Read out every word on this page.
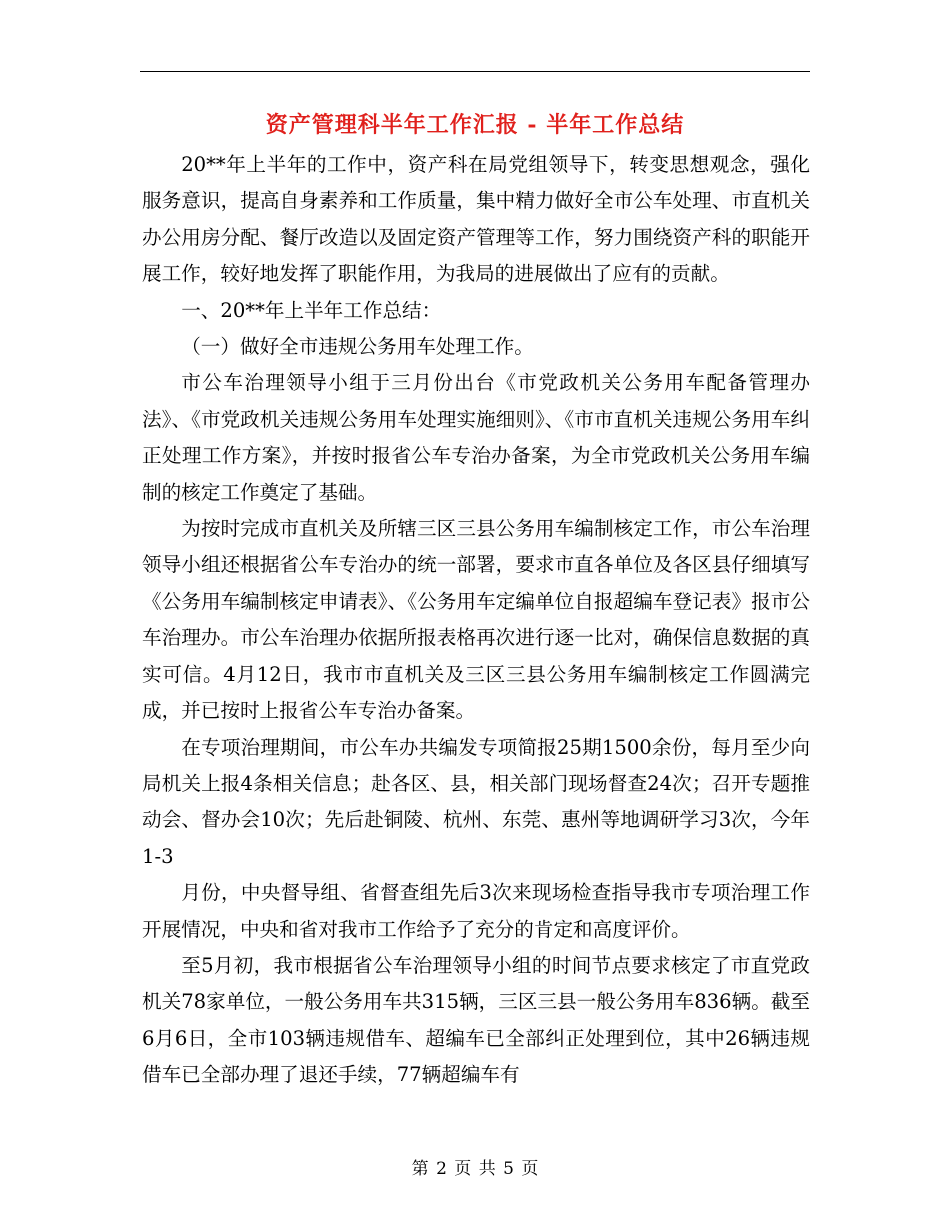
资产管理科半年工作汇报 - 半年工作总结

20**年上半年的工作中，资产科在局党组领导下，转变思想观念，强化服务意识，提高自身素养和工作质量，集中精力做好全市公车处理、市直机关办公用房分配、餐厅改造以及固定资产管理等工作，努力围绕资产科的职能开展工作，较好地发挥了职能作用，为我局的进展做出了应有的贡献。

一、20**年上半年工作总结：

（一）做好全市违规公务用车处理工作。

市公车治理领导小组于三月份出台《市党政机关公务用车配备管理办法》、《市党政机关违规公务用车处理实施细则》、《市市直机关违规公务用车纠正处理工作方案》，并按时报省公车专治办备案，为全市党政机关公务用车编制的核定工作奠定了基础。

为按时完成市直机关及所辖三区三县公务用车编制核定工作，市公车治理领导小组还根据省公车专治办的统一部署，要求市直各单位及各区县仔细填写《公务用车编制核定申请表》、《公务用车定编单位自报超编车登记表》报市公车治理办。市公车治理办依据所报表格再次进行逐一比对，确保信息数据的真实可信。4月12日，我市市直机关及三区三县公务用车编制核定工作圆满完成，并已按时上报省公车专治办备案。

在专项治理期间，市公车办共编发专项简报25期1500余份，每月至少向局机关上报4条相关信息；赴各区、县，相关部门现场督查24次；召开专题推动会、督办会10次；先后赴铜陵、杭州、东莞、惠州等地调研学习3次，今年1-3

月份，中央督导组、省督查组先后3次来现场检查指导我市专项治理工作开展情况，中央和省对我市工作给予了充分的肯定和高度评价。

至5月初，我市根据省公车治理领导小组的时间节点要求核定了市直党政机关78家单位，一般公务用车共315辆，三区三县一般公务用车836辆。截至6月6日，全市103辆违规借车、超编车已全部纠正处理到位，其中26辆违规借车已全部办理了退还手续，77辆超编车有

第 2 页 共 5 页
